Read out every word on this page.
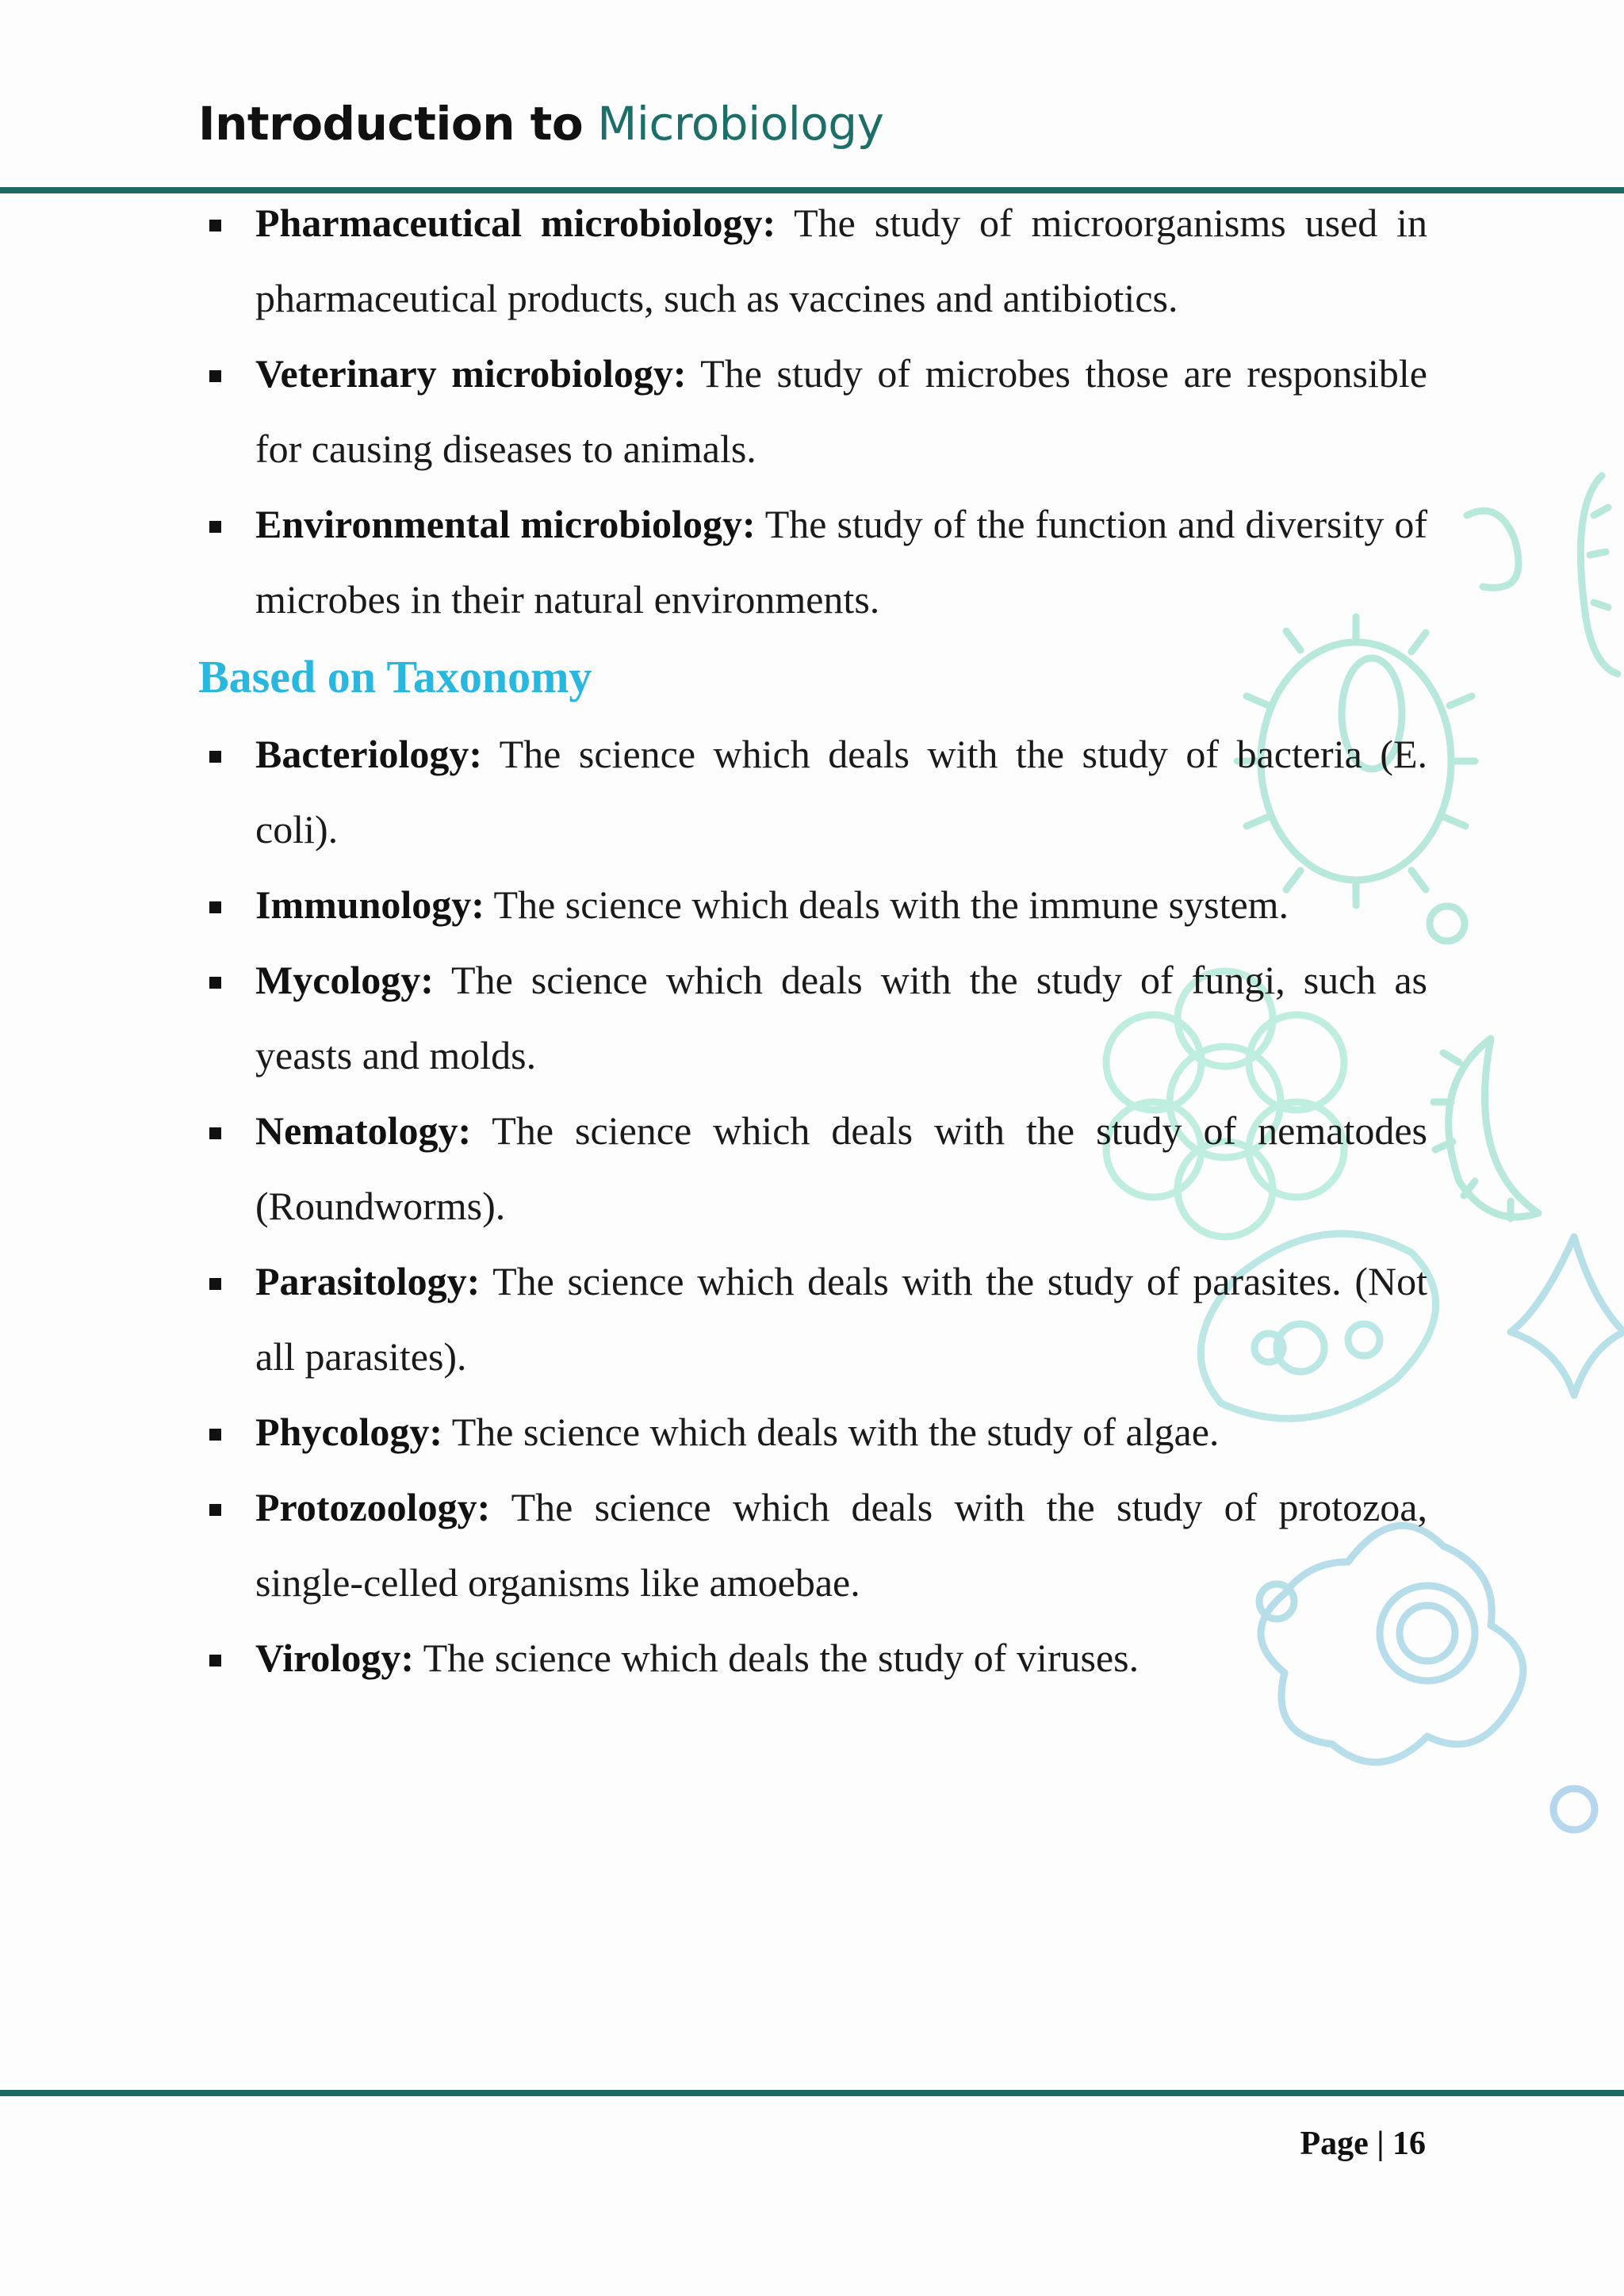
Introduction to Microbiology

Pharmaceutical microbiology: The study of microorganisms used in pharmaceutical products, such as vaccines and antibiotics.

Veterinary microbiology: The study of microbes those are responsible for causing diseases to animals.

Environmental microbiology: The study of the function and diversity of microbes in their natural environments.

Based on Taxonomy

Bacteriology: The science which deals with the study of bacteria (E. coli).

Immunology: The science which deals with the immune system.

Mycology: The science which deals with the study of fungi, such as yeasts and molds.

Nematology: The science which deals with the study of nematodes (Roundworms).

Parasitology: The science which deals with the study of parasites. (Not all parasites).

Phycology: The science which deals with the study of algae.

Protozoology: The science which deals with the study of protozoa, single-celled organisms like amoebae.

Virology: The science which deals the study of viruses.

Page | 16
